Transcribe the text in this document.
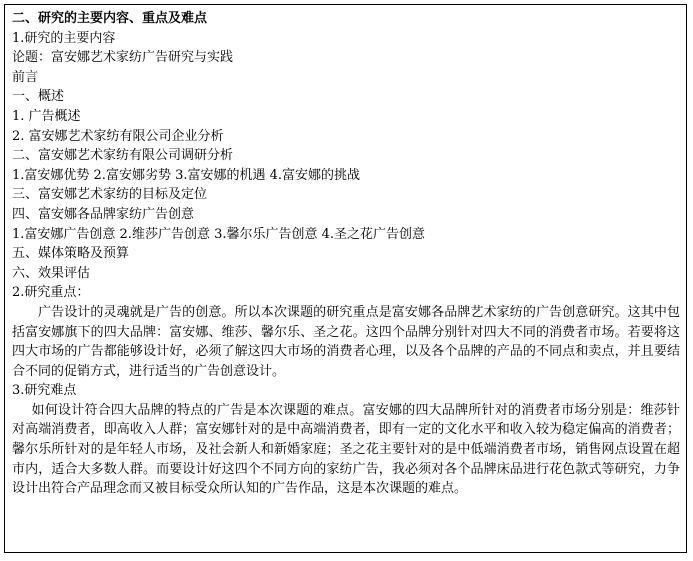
二、研究的主要内容、重点及难点
1.研究的主要内容
论题：富安娜艺术家纺广告研究与实践
前言
一、概述
1. 广告概述
2. 富安娜艺术家纺有限公司企业分析
二、富安娜艺术家纺有限公司调研分析
1.富安娜优势 2.富安娜劣势 3.富安娜的机遇 4.富安娜的挑战
三、富安娜艺术家纺的目标及定位
四、富安娜各品牌家纺广告创意
1.富安娜广告创意 2.维莎广告创意 3.馨尔乐广告创意 4.圣之花广告创意
五、媒体策略及预算
六、效果评估
2.研究重点：

广告设计的灵魂就是广告的创意。所以本次课题的研究重点是富安娜各品牌艺术家纺的广告创意研究。这其中包括富安娜旗下的四大品牌：富安娜、维莎、馨尔乐、圣之花。这四个品牌分别针对四大不同的消费者市场。若要将这四大市场的广告都能够设计好，必须了解这四大市场的消费者心理，以及各个品牌的产品的不同点和卖点，并且要结合不同的促销方式，进行适当的广告创意设计。

3.研究难点

如何设计符合四大品牌的特点的广告是本次课题的难点。富安娜的四大品牌所针对的消费者市场分别是：维莎针对高端消费者，即高收入人群；富安娜针对的是中高端消费者，即有一定的文化水平和收入较为稳定偏高的消费者；馨尔乐所针对的是年轻人市场，及社会新人和新婚家庭；圣之花主要针对的是中低端消费者市场，销售网点设置在超市内，适合大多数人群。而要设计好这四个不同方向的家纺广告，我必须对各个品牌床品进行花色款式等研究，力争设计出符合产品理念而又被目标受众所认知的广告作品，这是本次课题的难点。
